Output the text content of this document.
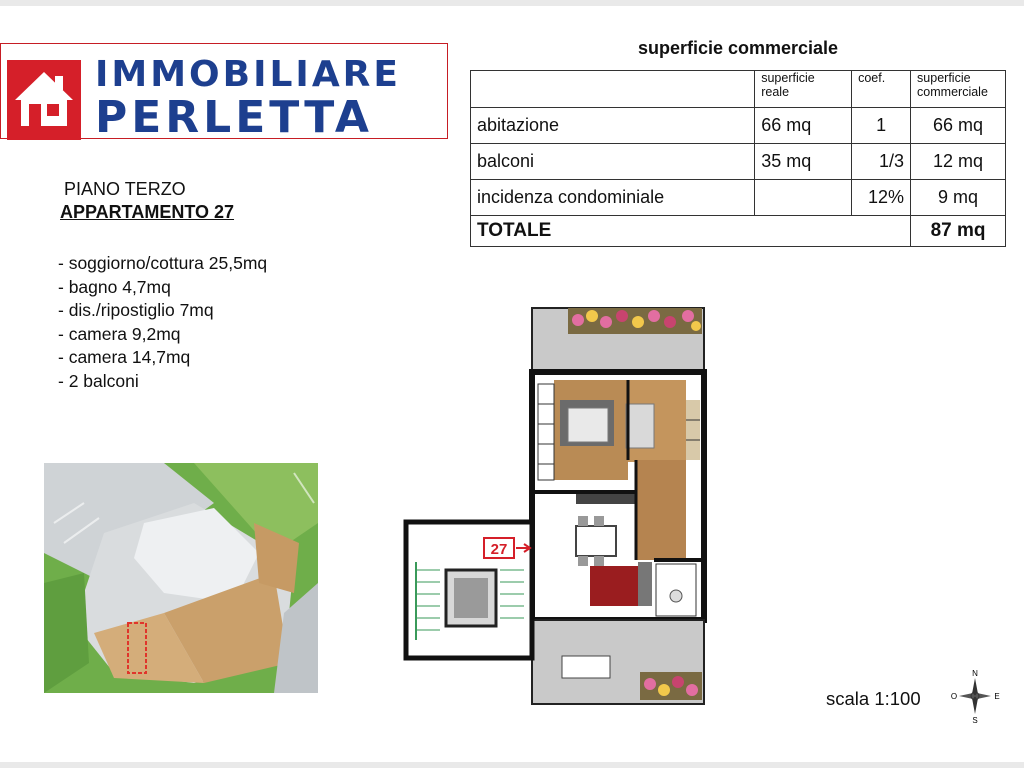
IMMOBILIARE
PERLETTA
superficie commerciale
	superficie reale	coef.	superficie commerciale
abitazione	66 mq	1	66 mq
balconi	35 mq	1/3	12 mq
incidenza condominiale		12%	9 mq
TOTALE			87 mq
PIANO TERZO
APPARTAMENTO 27
- soggiorno/cottura 25,5mq
- bagno 4,7mq
- dis./ripostiglio 7mq
- camera 9,2mq
- camera 14,7mq
- 2 balconi
27
scala 1:100
N
S
O	E
